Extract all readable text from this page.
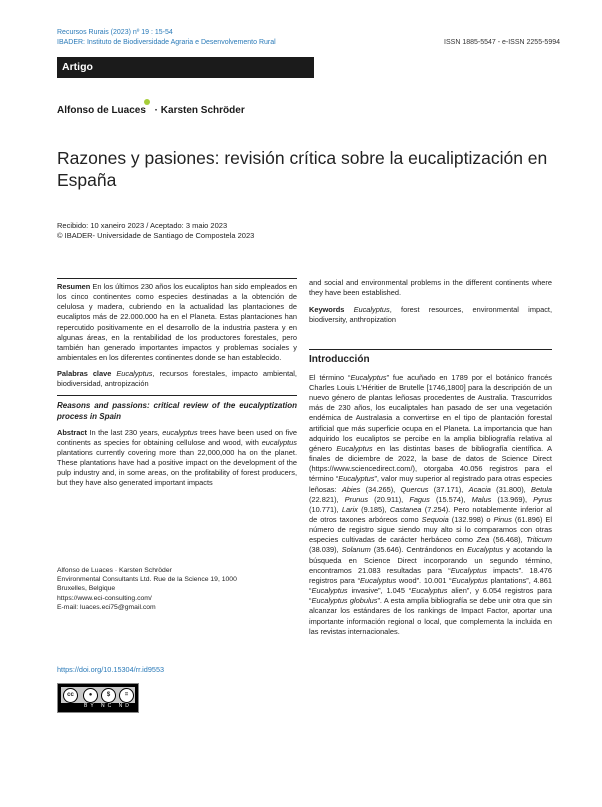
Recursos Rurais (2023) nº 19 : 15-54
IBADER: Instituto de Biodiversidade Agraria e Desenvolvemento Rural	ISSN 1885-5547 - e-ISSN 2255-5994
Artigo
Alfonso de Luaces · Karsten Schröder
Razones y pasiones: revisión crítica sobre la eucaliptización en España
Recibido: 10 xaneiro 2023 / Aceptado: 3 maio 2023
© IBADER- Universidade de Santiago de Compostela 2023

Resumen En los últimos 230 años los eucaliptos han sido empleados en los cinco continentes como especies destinadas a la obtención de celulosa y madera, cubriendo en la actualidad las plantaciones de eucaliptos más de 22.000.000 ha en el Planeta. Estas plantaciones han repercutido positivamente en el desarrollo de la industria pastera y en algunas áreas, en la rentabilidad de los productores forestales, pero también han generado importantes impactos y problemas sociales y ambientales en los diferentes continentes donde se han establecido.

Palabras clave Eucalyptus, recursos forestales, impacto ambiental, biodiversidad, antropización

Reasons and passions: critical review of the eucalyptization process in Spain

Abstract In the last 230 years, eucalyptus trees have been used on five continents as species for obtaining cellulose and wood, with eucalyptus plantations currently covering more than 22,000,000 ha on the planet. These plantations have had a positive impact on the development of the pulp industry and, in some areas, on the profitability of forest producers, but they have also generated important impacts

Alfonso de Luaces · Karsten Schröder
Environmental Consultants Ltd. Rue de la Science 19, 1000
Bruxelles, Belgique
https://www.eci-consulting.com/
E-mail: luaces.eci75@gmail.com
https://doi.org/10.15304/rr.id9553
cc	●	$	=
BY NC ND

and social and environmental problems in the different continents where they have been established.

Keywords Eucalyptus, forest resources, environmental impact, biodiversity, anthropization

Introducción

El término “Eucalyptus” fue acuñado en 1789 por el botánico francés Charles Louis L’Héritier de Brutelle [1746,1800] para la descripción de un nuevo género de plantas leñosas procedentes de Australia. Trascurridos más de 230 años, los eucaliptales han pasado de ser una vegetación endémica de Australasia a convertirse en el tipo de plantación forestal artificial que más superficie ocupa en el Planeta. La importancia que han adquirido los eucaliptos se percibe en la amplia bibliografía relativa al género Eucalyptus en las distintas bases de bibliografía científica. A finales de diciembre de 2022, la base de datos de Science Direct (https://www.sciencedirect.com/), otorgaba 40.056 registros para el término “Eucalyptus”, valor muy superior al registrado para otras especies leñosas: Abies (34.265), Quercus (37.171), Acacia (31.800), Betula (22.821), Prunus (20.911), Fagus (15.574), Malus (13.969), Pyrus (10.771), Larix (9.185), Castanea (7.254). Pero notablemente inferior al de otros taxones arbóreos como Sequoia (132.998) o Pinus (61.896) El número de registro sigue siendo muy alto si lo comparamos con otras especies cultivadas de carácter herbáceo como Zea (56.468), Triticum (38.039), Solanum (35.646). Centrándonos en Eucalyptus y acotando la búsqueda en Science Direct incorporando un segundo término, encontramos 21.083 resultadas para “Eucalyptus impacts”. 18.476 registros para “Eucalyptus wood”. 10.001 “Eucalyptus plantations”, 4.861 “Eucalyptus invasive”, 1.045 “Eucalyptus alien”, y 6.054 registros para “Eucalyptus globulus”. A esta amplia bibliografía se debe unir otra que sin alcanzar los estándares de los rankings de Impact Factor, aportar una importante información regional o local, que complementa la incluida en las revistas internacionales.
